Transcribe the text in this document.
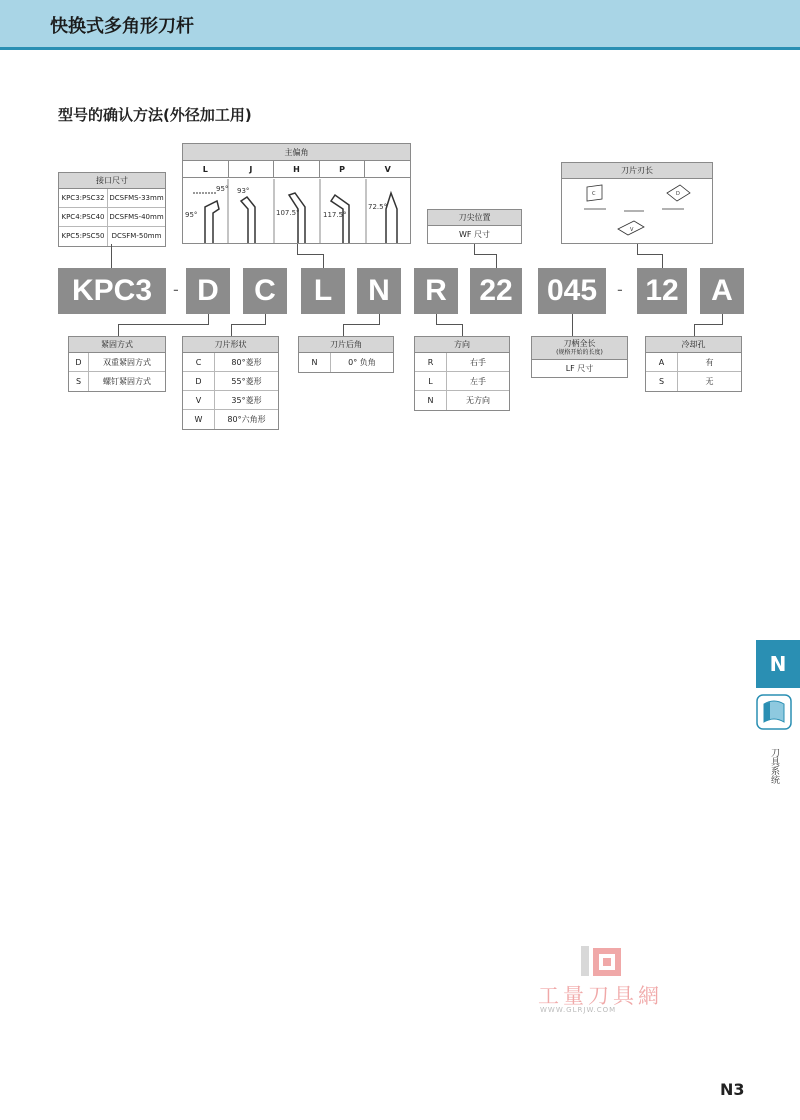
快换式多角形刀杆
型号的确认方法(外径加工用)
接口尺寸
KPC3:PSC32 DCSFMS-33mm
KPC4:PSC40 DCSFMS-40mm
KPC5:PSC50	DCSFM-50mm
主偏角
L	J	H	P	V
95°
95°
93°
107.5°	117.5°
72.5°
刀尖位置
WF 尺寸
刀片刃长
C	D
V
KPC3	- D	C	L	N	R	22	045	- 12	A
紧固方式
D	双重紧固方式
S	螺钉紧固方式
刀片形状
C	80°菱形
D	55°菱形
V	35°菱形
W	80°六角形
刀片后角
N	0° 负角
方向
R	右手
L	左手
N	无方向
刀柄全长
(规格开始的长度)
LF 尺寸
冷却孔
A	有
S	无
N
刀具系统
工量刀具網
WWW.GLRJW.COM
N3
